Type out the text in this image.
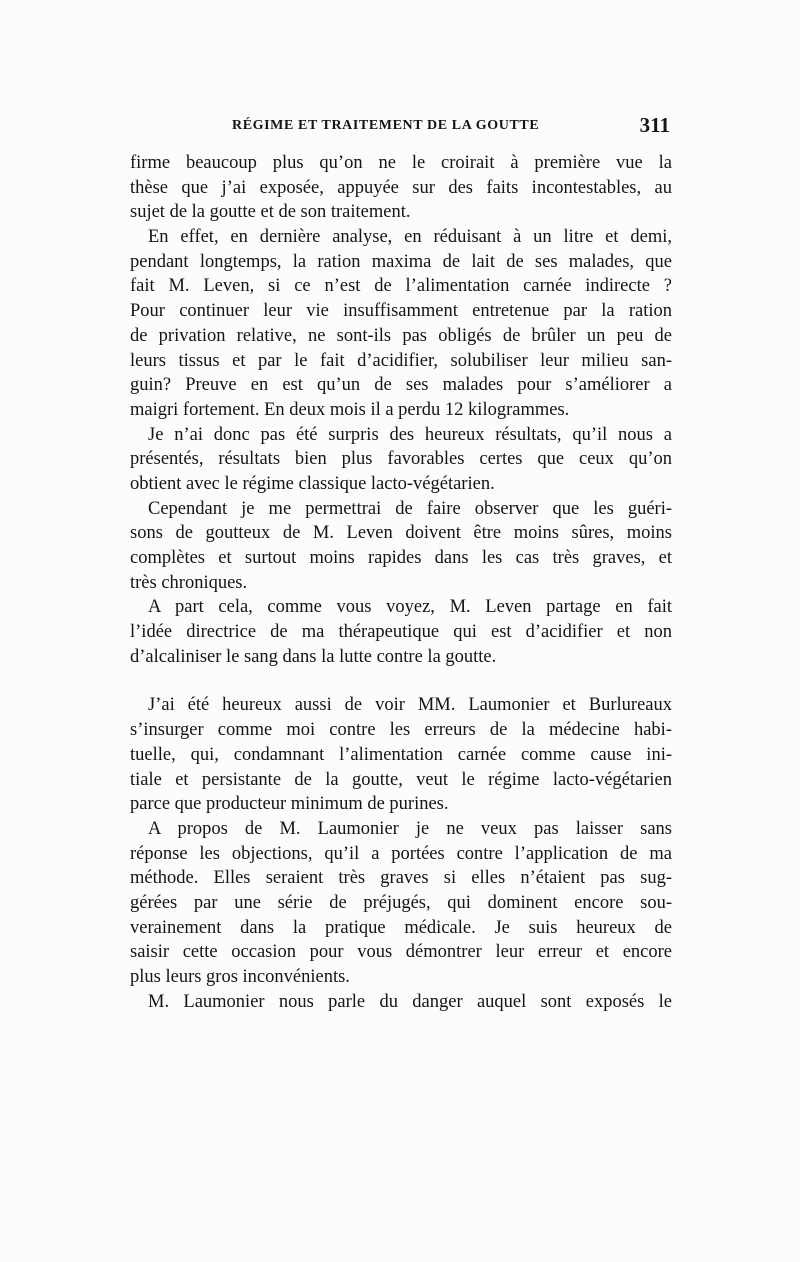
RÉGIME ET TRAITEMENT DE LA GOUTTE	311
firme beaucoup plus qu’on ne le croirait à première vue la
thèse que j’ai exposée, appuyée sur des faits incontestables, au
sujet de la goutte et de son traitement.
En effet, en dernière analyse, en réduisant à un litre et demi,
pendant longtemps, la ration maxima de lait de ses malades, que
fait M. Leven, si ce n’est de l’alimentation carnée indirecte ?
Pour continuer leur vie insuffisamment entretenue par la ration
de privation relative, ne sont-ils pas obligés de brûler un peu de
leurs tissus et par le fait d’acidifier, solubiliser leur milieu san-
guin? Preuve en est qu’un de ses malades pour s’améliorer a
maigri fortement. En deux mois il a perdu 12 kilogrammes.
Je n’ai donc pas été surpris des heureux résultats, qu’il nous a
présentés, résultats bien plus favorables certes que ceux qu’on
obtient avec le régime classique lacto-végétarien.
Cependant je me permettrai de faire observer que les guéri-
sons de goutteux de M. Leven doivent être moins sûres, moins
complètes et surtout moins rapides dans les cas très graves, et
très chroniques.
A part cela, comme vous voyez, M. Leven partage en fait
l’idée directrice de ma thérapeutique qui est d’acidifier et non
d’alcaliniser le sang dans la lutte contre la goutte.
J’ai été heureux aussi de voir MM. Laumonier et Burlureaux
s’insurger comme moi contre les erreurs de la médecine habi-
tuelle, qui, condamnant l’alimentation carnée comme cause ini-
tiale et persistante de la goutte, veut le régime lacto-végétarien
parce que producteur minimum de purines.
A propos de M. Laumonier je ne veux pas laisser sans
réponse les objections, qu’il a portées contre l’application de ma
méthode. Elles seraient très graves si elles n’étaient pas sug-
gérées par une série de préjugés, qui dominent encore sou-
verainement dans la pratique médicale. Je suis heureux de
saisir cette occasion pour vous démontrer leur erreur et encore
plus leurs gros inconvénients.
M. Laumonier nous parle du danger auquel sont exposés le
